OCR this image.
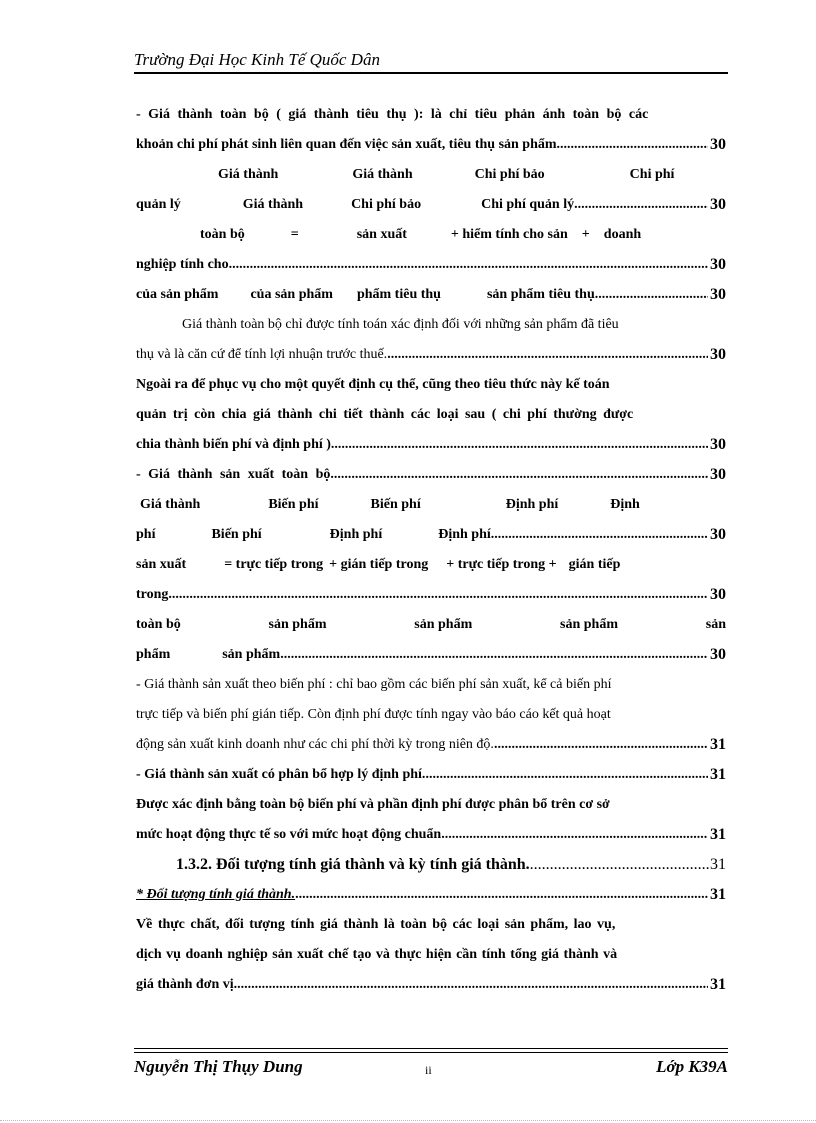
Trường Đại Học Kinh Tế Quốc Dân
- Giá thành toàn bộ ( giá thành tiêu thụ ): là chỉ tiêu phản ánh toàn bộ các
khoản chi phí phát sinh liên quan đến việc sản xuất, tiêu thụ sản phẩm. .....	30
Giá thành	Giá thành	Chi phí bảo	Chi phí
quản lý	Giá thành	Chi phí bảo	Chi phí quản lý .....	30
toàn bộ	=	sản xuất	+ hiểm tính cho sản + doanh
nghiệp tính cho .....	30
của sản phẩm của sản phẩm phẩm tiêu thụ	sản phẩm tiêu thụ .....	30
Giá thành toàn bộ chỉ được tính toán xác định đối với những sản phẩm đã tiêu
thụ và là căn cứ để tính lợi nhuận trước thuế. .....	30
Ngoài ra để phục vụ cho một quyết định cụ thể, cũng theo tiêu thức này kế toán
quản trị còn chia giá thành chi tiết thành các loại sau ( chi phí thường được
chia thành biến phí và định phí ). .....	30
- Giá thành sản xuất toàn bộ. .....	30
Giá thành	Biến phí	Biến phí	Định phí	Định
phí	Biến phí	Định phí	Định phí .....	30
sản xuất	= trực tiếp trong + gián tiếp trong + trực tiếp trong + gián tiếp
trong .....	30
toàn bộ	sản phẩm	sản phẩm	sản phẩm	sản
phẩm	sản phẩm .....	30
- Giá thành sản xuất theo biến phí : chỉ bao gồm các biến phí sản xuất, kể cả biến phí
trực tiếp và biến phí gián tiếp. Còn định phí được tính ngay vào báo cáo kết quả hoạt
động sản xuất kinh doanh như các chi phí thời kỳ trong niên độ. .....	31
- Giá thành sản xuất có phân bổ hợp lý định phí. .....	31
Được xác định bằng toàn bộ biến phí và phần định phí được phân bổ trên cơ sở
mức hoạt động thực tế so với mức hoạt động chuẩn. .....	31
1.3.2. Đối tượng tính giá thành và kỳ tính giá thành. .....	31
* Đối tượng tính giá thành. .....	31
Về thực chất, đối tượng tính giá thành là toàn bộ các loại sản phẩm, lao vụ,
dịch vụ doanh nghiệp sản xuất chế tạo và thực hiện cần tính tổng giá thành và
giá thành đơn vị. .....	31
Nguyễn Thị Thụy Dung	ii	Lớp K39A
